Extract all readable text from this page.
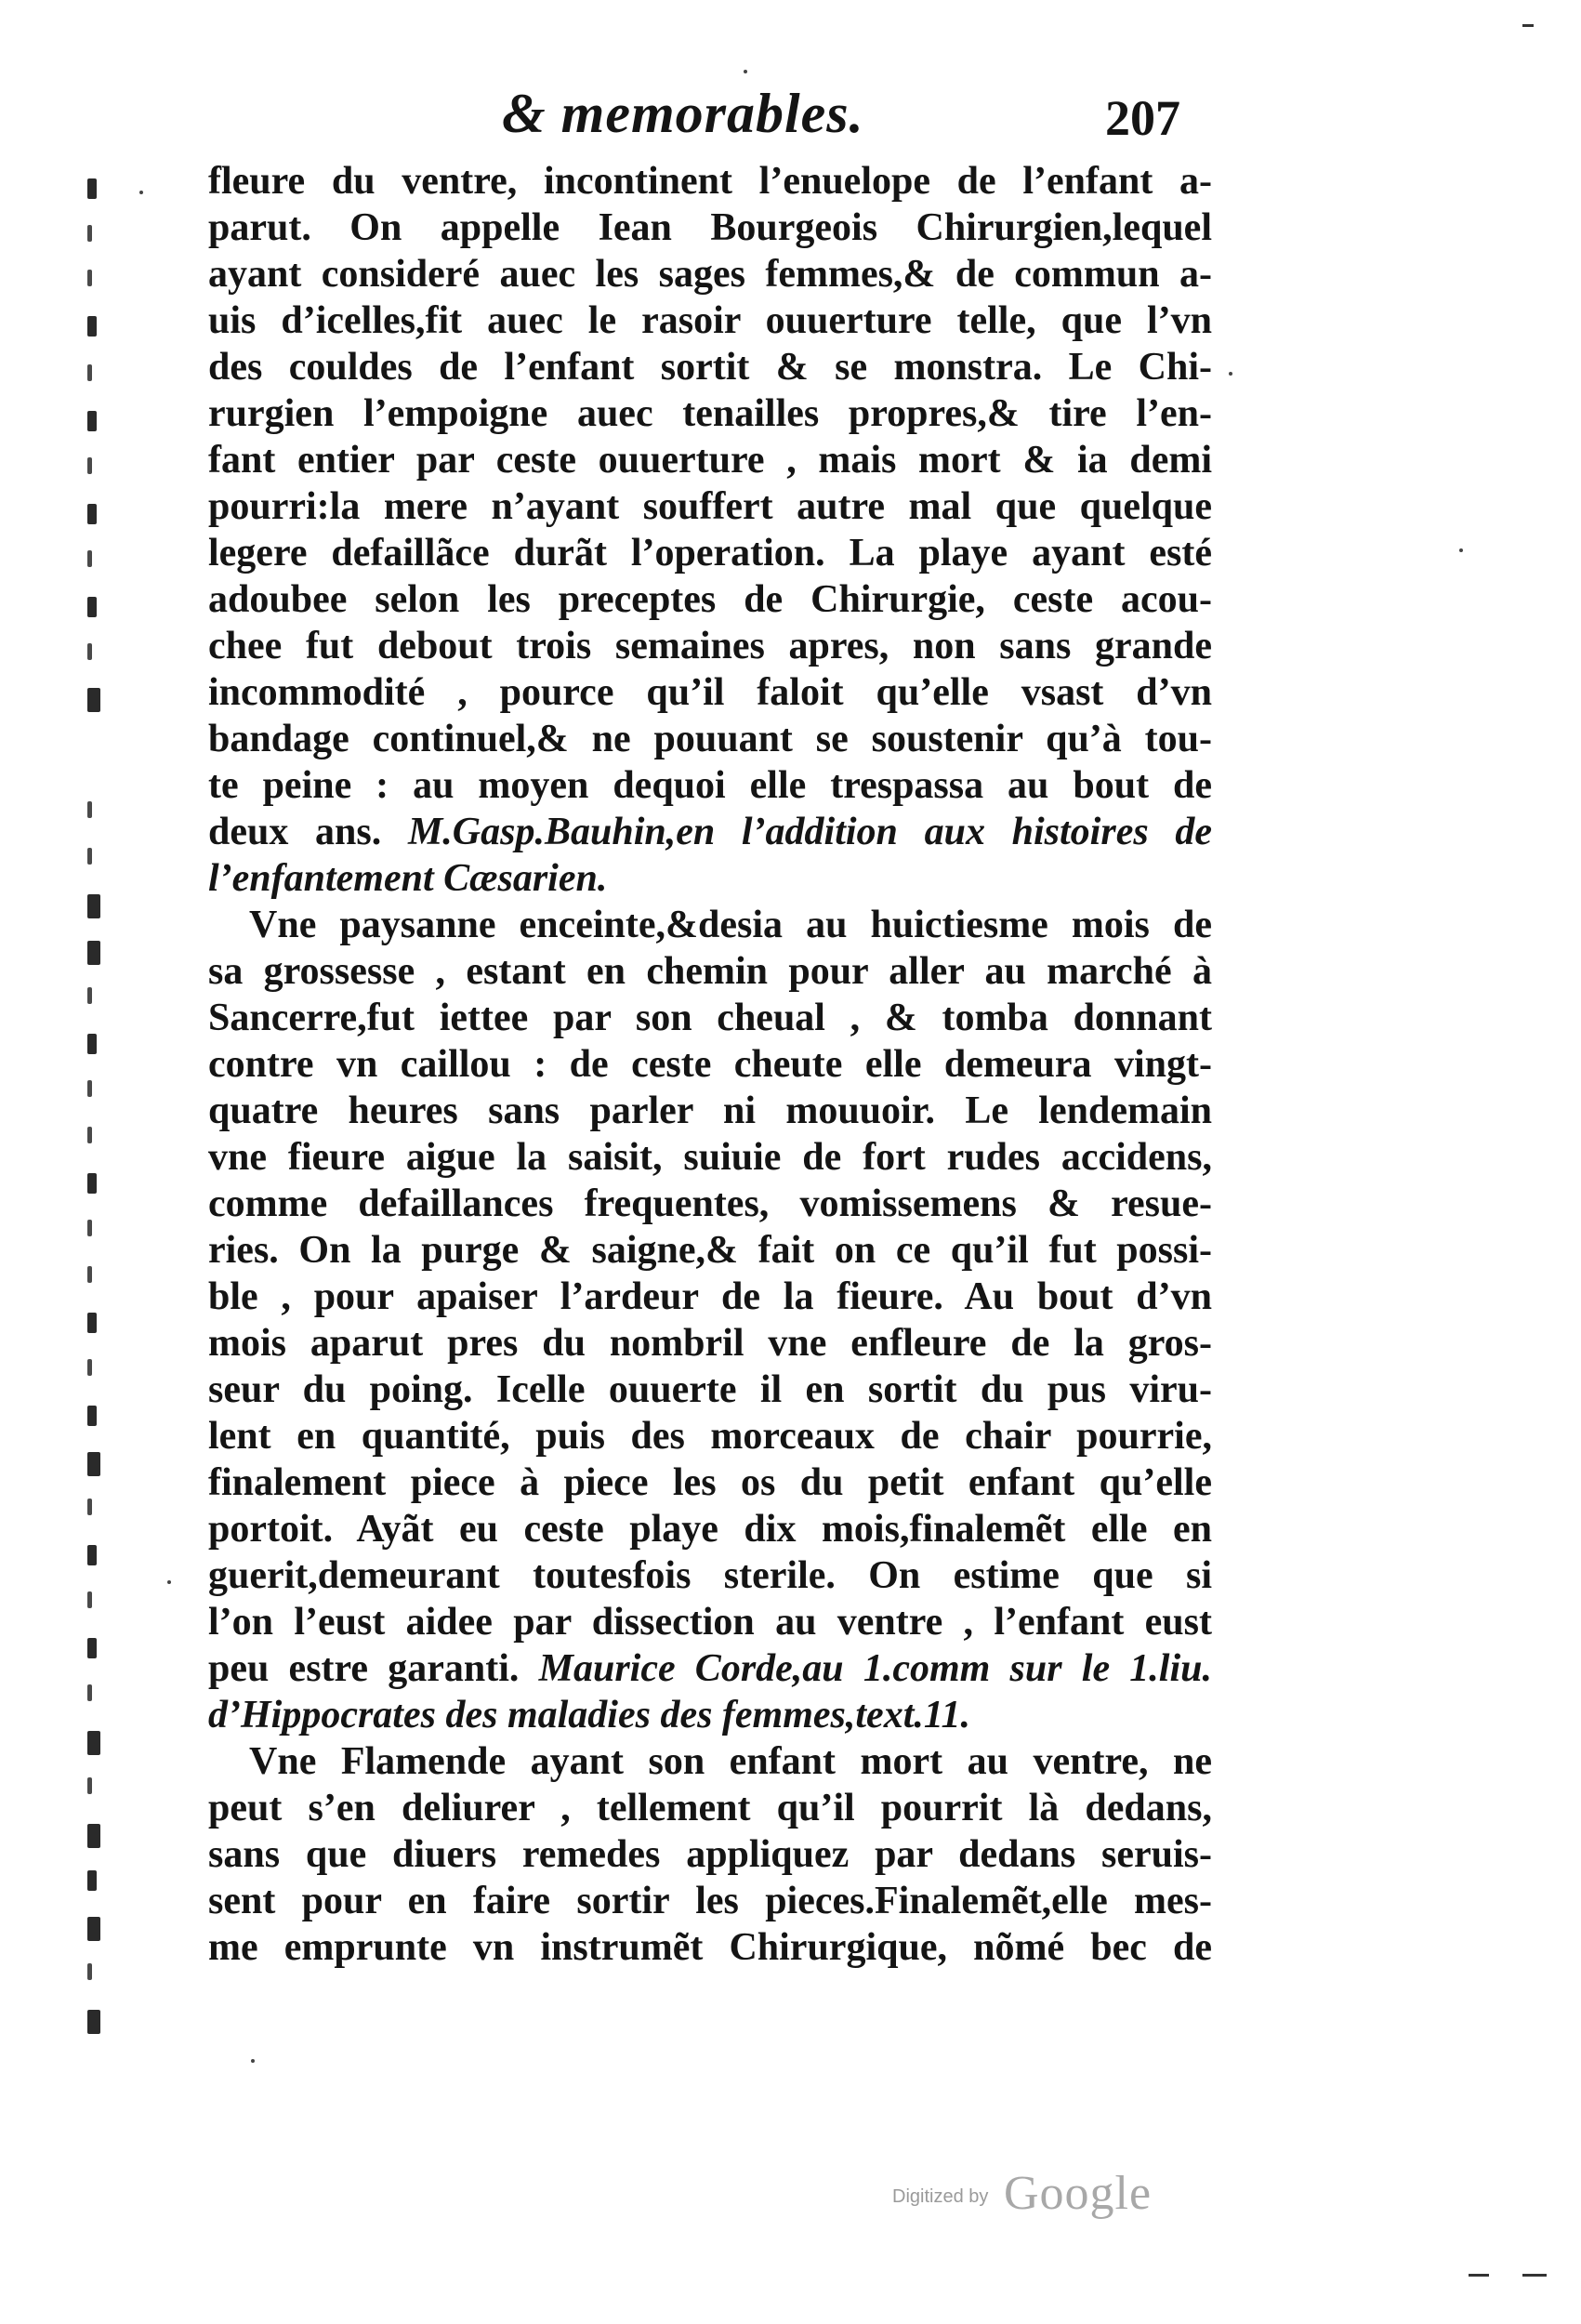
& memorables.	207
fleure du ventre, incontinent l’enuelope de l’enfant a-
parut. On appelle Iean Bourgeois Chirurgien,lequel
ayant consideré auec les sages femmes,& de commun a-
uis d’icelles,fit auec le rasoir ouuerture telle, que l’vn
des couldes de l’enfant sortit & se monstra. Le Chi-
rurgien l’empoigne auec tenailles propres,& tire l’en-
fant entier par ceste ouuerture , mais mort & ia demi
pourri:la mere n’ayant souffert autre mal que quelque
legere defaillãce durãt l’operation. La playe ayant esté
adoubee selon les preceptes de Chirurgie, ceste acou-
chee fut debout trois semaines apres, non sans grande
incommodité , pource qu’il faloit qu’elle vsast d’vn
bandage continuel,& ne pouuant se soustenir qu’à tou-
te peine : au moyen dequoi elle trespassa au bout de
deux ans. M.Gasp.Bauhin,en l’addition aux histoires de
l’enfantement Cæsarien.
Vne paysanne enceinte,&desia au huictiesme mois de
sa grossesse , estant en chemin pour aller au marché à
Sancerre,fut iettee par son cheual , & tomba donnant
contre vn caillou : de ceste cheute elle demeura vingt-
quatre heures sans parler ni mouuoir. Le lendemain
vne fieure aigue la saisit, suiuie de fort rudes accidens,
comme defaillances frequentes, vomissemens & resue-
ries. On la purge & saigne,& fait on ce qu’il fut possi-
ble , pour apaiser l’ardeur de la fieure. Au bout d’vn
mois aparut pres du nombril vne enfleure de la gros-
seur du poing. Icelle ouuerte il en sortit du pus viru-
lent en quantité, puis des morceaux de chair pourrie,
finalement piece à piece les os du petit enfant qu’elle
portoit. Ayãt eu ceste playe dix mois,finalemẽt elle en
guerit,demeurant toutesfois sterile. On estime que si
l’on l’eust aidee par dissection au ventre , l’enfant eust
peu estre garanti. Maurice Corde,au 1.comm sur le 1.liu.
d’Hippocrates des maladies des femmes,text.11.
Vne Flamende ayant son enfant mort au ventre, ne
peut s’en deliurer , tellement qu’il pourrit là dedans,
sans que diuers remedes appliquez par dedans seruis-
sent pour en faire sortir les pieces.Finalemẽt,elle mes-
me emprunte vn instrumẽt Chirurgique, nõmé bec de
Digitized by Google
